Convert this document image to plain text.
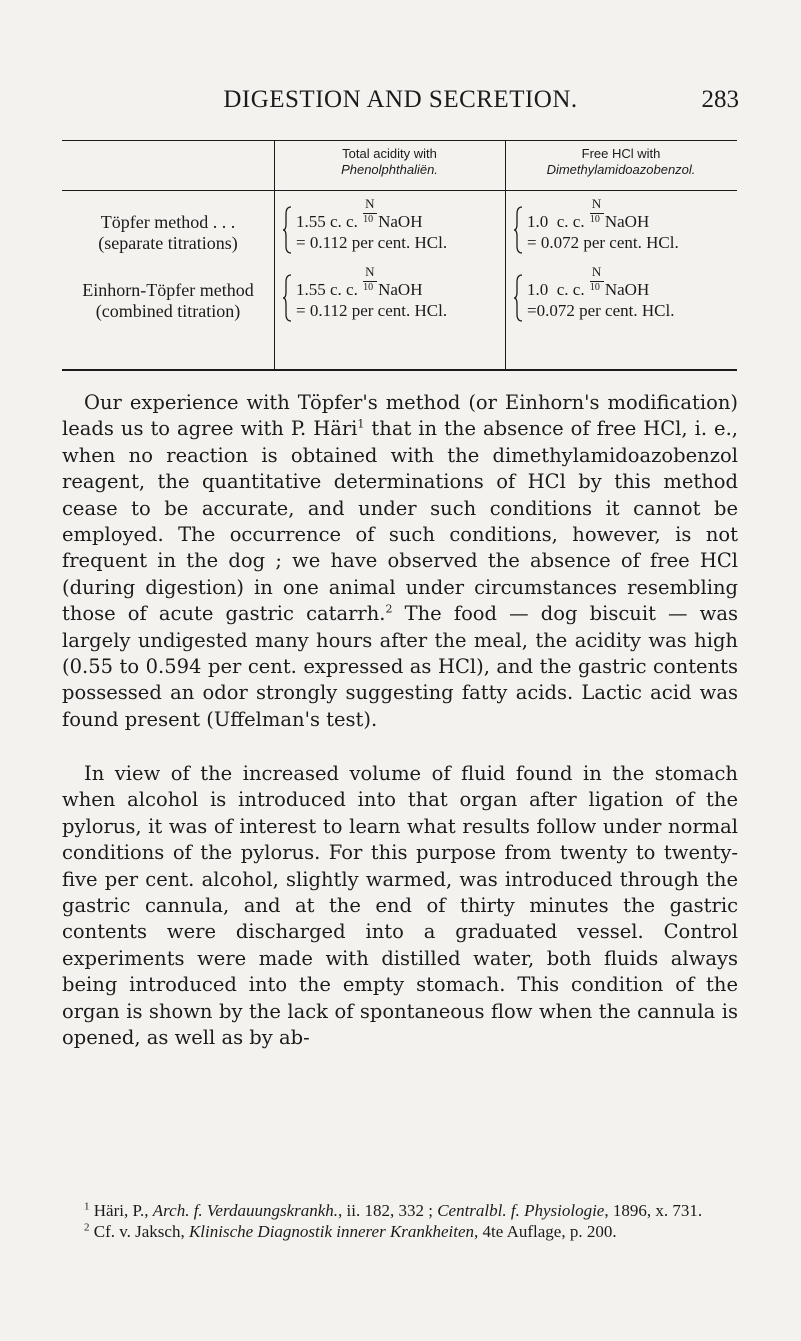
DIGESTION AND SECRETION.	283
Total acidity with
Phenolphthaliën.
Free HCl with
Dimethylamidoazobenzol.
Töpfer method . . .
(separate titrations)
1.55 c. c.
N
10 NaOH
= 0.112 per cent. HCl.
1.0  c. c.
N
10 NaOH
= 0.072 per cent. HCl.
Einhorn-Töpfer method
(combined titration)
1.55 c. c.
N
10 NaOH
= 0.112 per cent. HCl.
1.0  c. c.
N
10 NaOH
=0.072 per cent. HCl.
Our experience with Töpfer's method (or Einhorn's modification) leads us to agree with P. Häri$^1$ that in the absence of free HCl, i. e., when no reaction is obtained with the dimethylamidoazobenzol reagent, the quantitative determinations of HCl by this method cease to be accurate, and under such conditions it cannot be employed. The occurrence of such conditions, however, is not frequent in the dog ; we have observed the absence of free HCl (during digestion) in one animal under circumstances resembling those of acute gastric catarrh.$^2$ The food — dog biscuit — was largely undigested many hours after the meal, the acidity was high (0.55 to 0.594 per cent. expressed as HCl), and the gastric contents possessed an odor strongly suggesting fatty acids. Lactic acid was found present (Uffelman's test).
In view of the increased volume of fluid found in the stomach when alcohol is introduced into that organ after ligation of the pylorus, it was of interest to learn what results follow under normal conditions of the pylorus. For this purpose from twenty to twenty-five per cent. alcohol, slightly warmed, was introduced through the gastric cannula, and at the end of thirty minutes the gastric contents were discharged into a graduated vessel. Control experiments were made with distilled water, both fluids always being introduced into the empty stomach. This condition of the organ is shown by the lack of spontaneous flow when the cannula is opened, as well as by ab-
$^1$ Häri, P., Arch. f. Verdauungskrankh., ii. 182, 332 ; Centralbl. f. Physiologie, 1896, x. 731.
$^2$ Cf. v. Jaksch, Klinische Diagnostik innerer Krankheiten, 4te Auflage, p. 200.
